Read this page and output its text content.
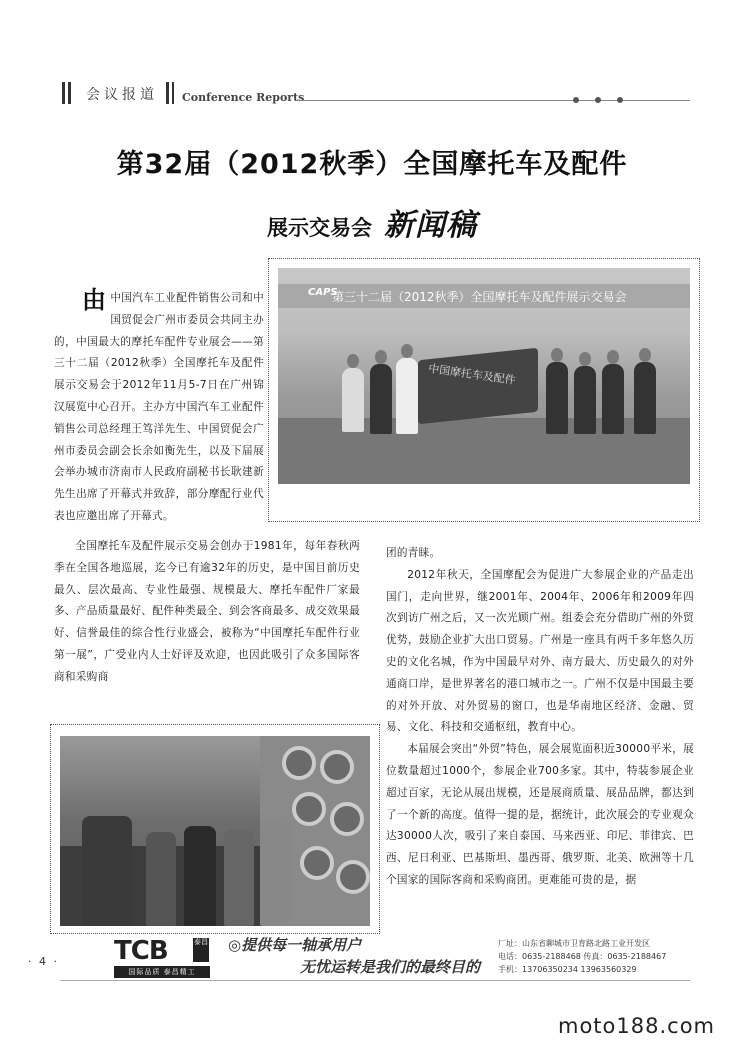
会议报道 Conference Reports
第32届（2012秋季）全国摩托车及配件
展示交易会 新闻稿
CAPS
第三十二届（2012秋季）全国摩托车及配件展示交易会
中国摩托车及配件
由中国汽车工业配件销售公司和中国贸促会广州市委员会共同主办的，中国最大的摩托车配件专业展会——第三十二届（2012秋季）全国摩托车及配件展示交易会于2012年11月5-7日在广州锦汉展览中心召开。主办方中国汽车工业配件销售公司总经理王笃洋先生、中国贸促会广州市委员会副会长余如衡先生，以及下届展会举办城市济南市人民政府副秘书长耿建新先生出席了开幕式并致辞，部分摩配行业代表也应邀出席了开幕式。
全国摩托车及配件展示交易会创办于1981年，每年春秋两季在全国各地巡展，迄今已有逾32年的历史，是中国目前历史最久、层次最高、专业性最强、规模最大、摩托车配件厂家最多、产品质量最好、配件种类最全、到会客商最多、成交效果最好、信誉最佳的综合性行业盛会，被称为“中国摩托车配件行业第一展”，广受业内人士好评及欢迎，也因此吸引了众多国际客商和采购商

团的青睐。

2012年秋天，全国摩配会为促进广大参展企业的产品走出国门，走向世界，继2001年、2004年、2006年和2009年四次到访广州之后，又一次光顾广州。组委会充分借助广州的外贸优势，鼓励企业扩大出口贸易。广州是一座具有两千多年悠久历史的文化名城，作为中国最早对外、南方最大、历史最久的对外通商口岸，是世界著名的港口城市之一。广州不仅是中国最主要的对外开放、对外贸易的窗口，也是华南地区经济、金融、贸易、文化、科技和交通枢纽，教育中心。

本届展会突出“外贸”特色，展会展览面积近30000平米，展位数量超过1000个，参展企业700多家。其中，特装参展企业超过百家，无论从展出规模，还是展商质量、展品品牌，都达到了一个新的高度。值得一提的是，据统计，此次展会的专业观众达30000人次，吸引了来自泰国、马来西亚、印尼、菲律宾、巴西、尼日利亚、巴基斯坦、墨西哥、俄罗斯、北美、欧洲等十几个国家的国际客商和采购商团。更难能可贵的是，据

· 4 · TCB	泰昌
国际品质 泰昌精工
◎提供每一轴承用户
无忧运转是我们的最终目的
厂址：山东省聊城市卫育路北路工业开发区
电话：0635-2188468 传真：0635-2188467
手机：13706350234 13963560329
moto188.com
